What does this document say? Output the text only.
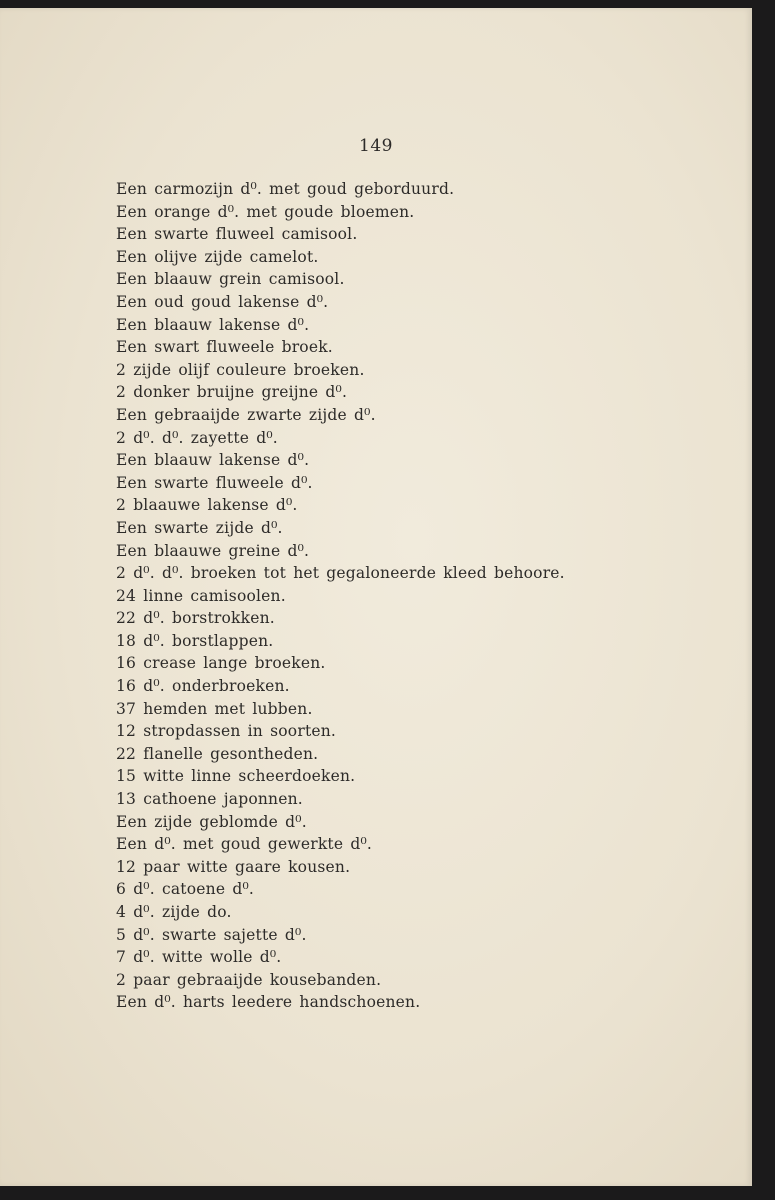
149
Een carmozijn d⁰. met goud geborduurd.
Een orange d⁰. met goude bloemen.
Een swarte fluweel camisool.
Een olijve zijde camelot.
Een blaauw grein camisool.
Een oud goud lakense d⁰.
Een blaauw lakense d⁰.
Een swart fluweele broek.
2 zijde olijf couleure broeken.
2 donker bruijne greijne d⁰.
Een gebraaijde zwarte zijde d⁰.
2 d⁰. d⁰. zayette d⁰.
Een blaauw lakense d⁰.
Een swarte fluweele d⁰.
2 blaauwe lakense d⁰.
Een swarte zijde d⁰.
Een blaauwe greine d⁰.
2 d⁰. d⁰. broeken tot het gegaloneerde kleed behoore.
24 linne camisoolen.
22 d⁰. borstrokken.
18 d⁰. borstlappen.
16 crease lange broeken.
16 d⁰. onderbroeken.
37 hemden met lubben.
12 stropdassen in soorten.
22 flanelle gesontheden.
15 witte linne scheerdoeken.
13 cathoene japonnen.
Een zijde geblomde d⁰.
Een d⁰. met goud gewerkte d⁰.
12 paar witte gaare kousen.
6 d⁰. catoene d⁰.
4 d⁰. zijde do.
5 d⁰. swarte sajette d⁰.
7 d⁰. witte wolle d⁰.
2 paar gebraaijde kousebanden.
Een d⁰. harts leedere handschoenen.
